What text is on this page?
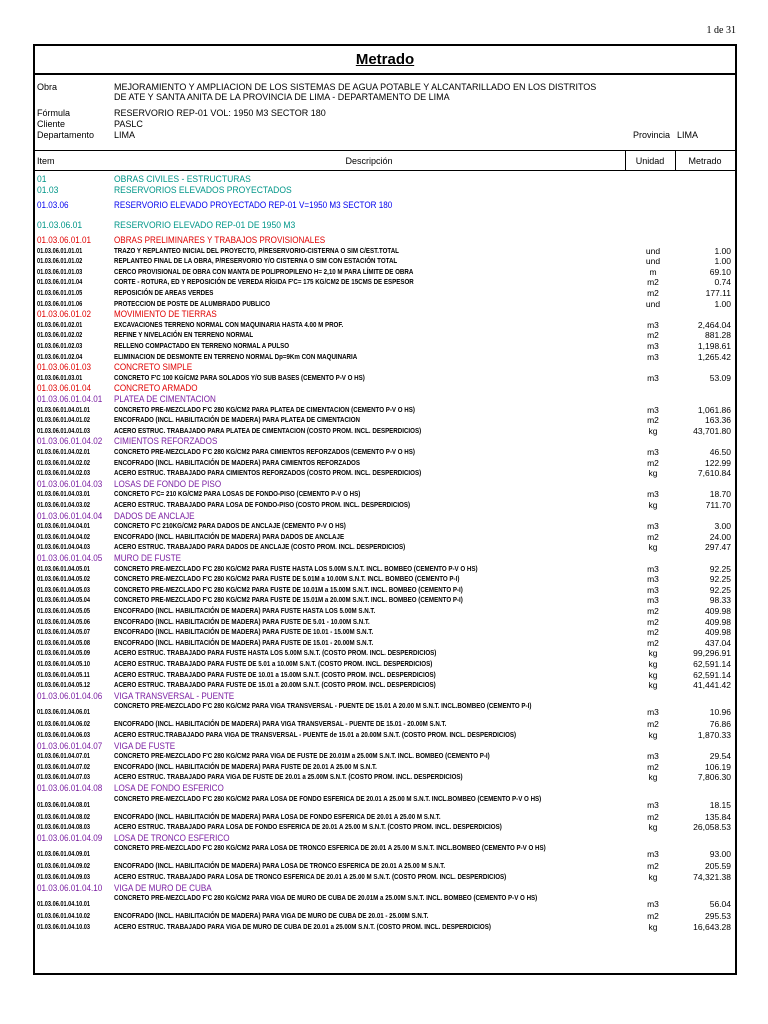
1 de 31
Metrado
Obra	MEJORAMIENTO Y AMPLIACION DE LOS SISTEMAS DE AGUA POTABLE Y ALCANTARILLADO EN LOS DISTRITOS
DE ATE Y SANTA ANITA DE LA PROVINCIA DE LIMA - DEPARTAMENTO DE LIMA
Fórmula	RESERVORIO REP-01 VOL: 1950 M3 SECTOR 180
Cliente	PASLC
Departamento LIMA	Provincia LIMA
Item	Descripción	Unidad	Metrado
01	OBRAS CIVILES - ESTRUCTURAS
01.03	RESERVORIOS ELEVADOS PROYECTADOS
01.03.06	RESERVORIO ELEVADO PROYECTADO REP-01 V=1950 M3 SECTOR 180
01.03.06.01	RESERVORIO ELEVADO REP-01 DE 1950 M3
01.03.06.01.01	OBRAS PRELIMINARES Y TRABAJOS PROVISIONALES
01.03.06.01.01.01	TRAZO Y REPLANTEO INICIAL DEL PROYECTO, P/RESERVORIO-CISTERNA O SIM C/EST.TOTAL	und	1.00
01.03.06.01.01.02	REPLANTEO FINAL DE LA OBRA, P/RESERVORIO Y/O CISTERNA O SIM CON ESTACIÓN TOTAL	und	1.00
01.03.06.01.01.03	CERCO PROVISIONAL DE OBRA CON MANTA DE POLIPROPILENO H= 2,10 M PARA LÍMITE DE OBRA	m	69.10
01.03.06.01.01.04	CORTE - ROTURA, ED Y REPOSICIÓN DE VEREDA RÍGIDA F'C= 175 KG/CM2 DE 15CMS DE ESPESOR	m2	0.74
01.03.06.01.01.05	REPOSICIÓN DE AREAS VERDES	m2	177.11
01.03.06.01.01.06	PROTECCION DE POSTE DE ALUMBRADO PUBLICO	und	1.00
01.03.06.01.02	MOVIMIENTO DE TIERRAS
01.03.06.01.02.01	EXCAVACIONES TERRENO NORMAL CON MAQUINARIA HASTA 4.00 M PROF.	m3	2,464.04
01.03.06.01.02.02	REFINE Y NIVELACIÓN EN TERRENO NORMAL	m2	881.28
01.03.06.01.02.03	RELLENO COMPACTADO EN TERRENO NORMAL A PULSO	m3	1,198.61
01.03.06.01.02.04	ELIMINACION DE DESMONTE EN TERRENO NORMAL Dp=9Km CON MAQUINARIA	m3	1,265.42
01.03.06.01.03	CONCRETO SIMPLE
01.03.06.01.03.01	CONCRETO F'C 100 KG/CM2 PARA SOLADOS Y/O SUB BASES (CEMENTO P-V O HS)	m3	53.09
01.03.06.01.04	CONCRETO ARMADO
01.03.06.01.04.01 PLATEA DE CIMENTACION
01.03.06.01.04.01.01	CONCRETO PRE-MEZCLADO F'C 280 KG/CM2 PARA PLATEA DE CIMENTACION (CEMENTO P-V O HS)	m3	1,061.86
01.03.06.01.04.01.02	ENCOFRADO (INCL. HABILITACIÓN DE MADERA) PARA PLATEA DE CIMENTACION	m2	163.36
01.03.06.01.04.01.03	ACERO ESTRUC. TRABAJADO PARA PLATEA DE CIMENTACION (COSTO PROM. INCL. DESPERDICIOS)	kg	43,701.80
01.03.06.01.04.02 CIMIENTOS REFORZADOS
01.03.06.01.04.02.01	CONCRETO PRE-MEZCLADO F'C 280 KG/CM2 PARA CIMIENTOS REFORZADOS (CEMENTO P-V O HS)	m3	46.50
01.03.06.01.04.02.02	ENCOFRADO (INCL. HABILITACIÓN DE MADERA) PARA CIMIENTOS REFORZADOS	m2	122.99
01.03.06.01.04.02.03	ACERO ESTRUC. TRABAJADO PARA CIMIENTOS REFORZADOS (COSTO PROM. INCL. DESPERDICIOS)	kg	7,610.84
01.03.06.01.04.03 LOSAS DE FONDO DE PISO
01.03.06.01.04.03.01	CONCRETO F'C= 210 KG/CM2 PARA LOSAS DE FONDO-PISO (CEMENTO P-V O HS)	m3	18.70
01.03.06.01.04.03.02	ACERO ESTRUC. TRABAJADO PARA LOSA DE FONDO-PISO (COSTO PROM. INCL. DESPERDICIOS)	kg	711.70
01.03.06.01.04.04 DADOS DE ANCLAJE
01.03.06.01.04.04.01	CONCRETO F'C 210KG/CM2 PARA DADOS DE ANCLAJE (CEMENTO P-V O HS)	m3	3.00
01.03.06.01.04.04.02	ENCOFRADO (INCL. HABILITACIÓN DE MADERA) PARA DADOS DE ANCLAJE	m2	24.00
01.03.06.01.04.04.03	ACERO ESTRUC. TRABAJADO PARA DADOS DE ANCLAJE (COSTO PROM. INCL. DESPERDICIOS)	kg	297.47
01.03.06.01.04.05 MURO DE FUSTE
01.03.06.01.04.05.01	CONCRETO PRE-MEZCLADO F'C 280 KG/CM2 PARA FUSTE HASTA LOS 5.00M S.N.T. INCL. BOMBEO (CEMENTO P-V O HS)	m3	92.25
01.03.06.01.04.05.02	CONCRETO PRE-MEZCLADO F'C 280 KG/CM2 PARA FUSTE DE 5.01M a 10.00M S.N.T. INCL. BOMBEO (CEMENTO P-I)	m3	92.25
01.03.06.01.04.05.03	CONCRETO PRE-MEZCLADO F'C 280 KG/CM2 PARA FUSTE DE 10.01M a 15.00M S.N.T. INCL. BOMBEO (CEMENTO P-I)	m3	92.25
01.03.06.01.04.05.04	CONCRETO PRE-MEZCLADO F'C 280 KG/CM2 PARA FUSTE DE 15.01M a 20.00M S.N.T. INCL. BOMBEO (CEMENTO P-I)	m3	98.33
01.03.06.01.04.05.05	ENCOFRADO (INCL. HABILITACIÓN DE MADERA) PARA FUSTE HASTA LOS 5.00M S.N.T.	m2	409.98
01.03.06.01.04.05.06	ENCOFRADO (INCL. HABILITACIÓN DE MADERA) PARA FUSTE DE 5.01 - 10.00M S.N.T.	m2	409.98
01.03.06.01.04.05.07	ENCOFRADO (INCL. HABILITACIÓN DE MADERA) PARA FUSTE DE 10.01 - 15.00M S.N.T.	m2	409.98
01.03.06.01.04.05.08	ENCOFRADO (INCL. HABILITACIÓN DE MADERA) PARA FUSTE DE 15.01 - 20.00M S.N.T.	m2	437.04
01.03.06.01.04.05.09	ACERO ESTRUC. TRABAJADO PARA FUSTE HASTA LOS 5.00M S.N.T. (COSTO PROM. INCL. DESPERDICIOS)	kg	99,296.91
01.03.06.01.04.05.10	ACERO ESTRUC. TRABAJADO PARA FUSTE DE 5.01 a 10.00M S.N.T. (COSTO PROM. INCL. DESPERDICIOS)	kg	62,591.14
01.03.06.01.04.05.11	ACERO ESTRUC. TRABAJADO PARA FUSTE DE 10.01 a 15.00M S.N.T. (COSTO PROM. INCL. DESPERDICIOS)	kg	62,591.14
01.03.06.01.04.05.12	ACERO ESTRUC. TRABAJADO PARA FUSTE DE 15.01 a 20.00M S.N.T. (COSTO PROM. INCL. DESPERDICIOS)	kg	41,441.42
01.03.06.01.04.06 VIGA TRANSVERSAL - PUENTE
01.03.06.01.04.06.01
CONCRETO PRE-MEZCLADO F'C 280 KG/CM2 PARA VIGA TRANSVERSAL - PUENTE DE 15.01 A 20.00 M S.N.T. INCL.BOMBEO (CEMENTO P-I)
m3	10.96
01.03.06.01.04.06.02	ENCOFRADO (INCL. HABILITACIÓN DE MADERA) PARA VIGA TRANSVERSAL - PUENTE DE 15.01 - 20.00M S.N.T.	m2	76.86
01.03.06.01.04.06.03	ACERO ESTRUC.TRABAJADO PARA VIGA DE TRANSVERSAL - PUENTE de 15.01 a 20.00M S.N.T. (COSTO PROM. INCL. DESPERDICIOS)	kg	1,870.33
01.03.06.01.04.07 VIGA DE FUSTE
01.03.06.01.04.07.01	CONCRETO PRE-MEZCLADO F'C 280 KG/CM2 PARA VIGA DE FUSTE DE 20.01M a 25.00M S.N.T. INCL. BOMBEO (CEMENTO P-I)	m3	29.54
01.03.06.01.04.07.02	ENCOFRADO (INCL. HABILITACIÓN DE MADERA) PARA FUSTE DE 20.01 A 25.00 M S.N.T.	m2	106.19
01.03.06.01.04.07.03	ACERO ESTRUC. TRABAJADO PARA VIGA DE FUSTE DE 20.01 a 25.00M S.N.T. (COSTO PROM. INCL. DESPERDICIOS)	kg	7,806.30
01.03.06.01.04.08 LOSA DE FONDO ESFERICO
01.03.06.01.04.08.01
CONCRETO PRE-MEZCLADO F'C 280 KG/CM2 PARA LOSA DE FONDO ESFERICA DE 20.01 A 25.00 M S.N.T. INCL.BOMBEO (CEMENTO P-V O HS)
m3	18.15
01.03.06.01.04.08.02	ENCOFRADO (INCL. HABILITACIÓN DE MADERA) PARA LOSA DE FONDO ESFERICA DE 20.01 A 25.00 M S.N.T.	m2	135.84
01.03.06.01.04.08.03	ACERO ESTRUC. TRABAJADO PARA LOSA DE FONDO ESFERICA DE 20.01 A 25.00 M S.N.T. (COSTO PROM. INCL. DESPERDICIOS)	kg	26,058.53
01.03.06.01.04.09 LOSA DE TRONCO ESFERICO
01.03.06.01.04.09.01
CONCRETO PRE-MEZCLADO F'C 280 KG/CM2 PARA LOSA DE TRONCO ESFERICA DE 20.01 A 25.00 M S.N.T. INCL.BOMBEO (CEMENTO P-V O HS)
m3	93.00
01.03.06.01.04.09.02	ENCOFRADO (INCL. HABILITACIÓN DE MADERA) PARA LOSA DE TRONCO ESFERICA DE 20.01 A 25.00 M S.N.T.	m2	205.59
01.03.06.01.04.09.03	ACERO ESTRUC. TRABAJADO PARA LOSA DE TRONCO ESFERICA DE 20.01 A 25.00 M S.N.T. (COSTO PROM. INCL. DESPERDICIOS)	kg	74,321.38
01.03.06.01.04.10 VIGA DE MURO DE CUBA
01.03.06.01.04.10.01
CONCRETO PRE-MEZCLADO F'C 280 KG/CM2 PARA VIGA DE MURO DE CUBA DE 20.01M a 25.00M S.N.T. INCL. BOMBEO (CEMENTO P-V O HS)
m3	56.04
01.03.06.01.04.10.02	ENCOFRADO (INCL. HABILITACIÓN DE MADERA) PARA VIGA DE MURO DE CUBA DE 20.01 - 25.00M S.N.T.	m2	295.53
01.03.06.01.04.10.03	ACERO ESTRUC. TRABAJADO PARA VIGA DE MURO DE CUBA DE 20.01 a 25.00M S.N.T. (COSTO PROM. INCL. DESPERDICIOS)	kg	16,643.28
